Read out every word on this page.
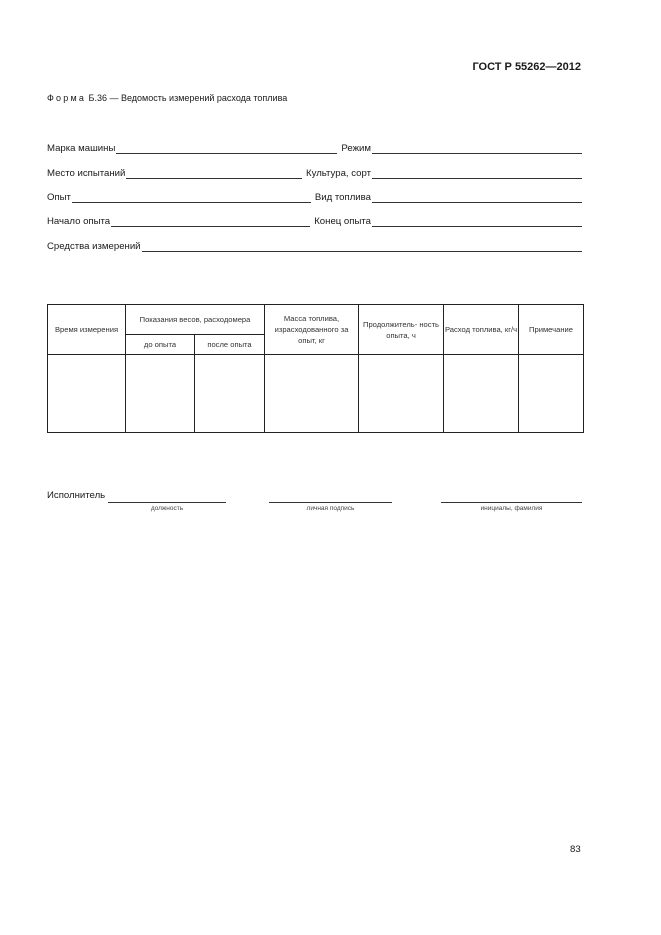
ГОСТ Р 55262—2012
Форма Б.36 — Ведомость измерений расхода топлива
Марка машины	Режим
Место испытаний	Культура, сорт
Опыт	Вид топлива
Начало опыта	Конец опыта
Средства измерений
Время измерения	Показания весов, расходомера		Масса топлива, израсходованного за опыт, кг	Продолжитель- ность опыта, ч	Расход топлива, кг/ч	Примечание
	до опыта	после опыта				

Исполнитель
должность	личная подпись	инициалы, фамилия
83
